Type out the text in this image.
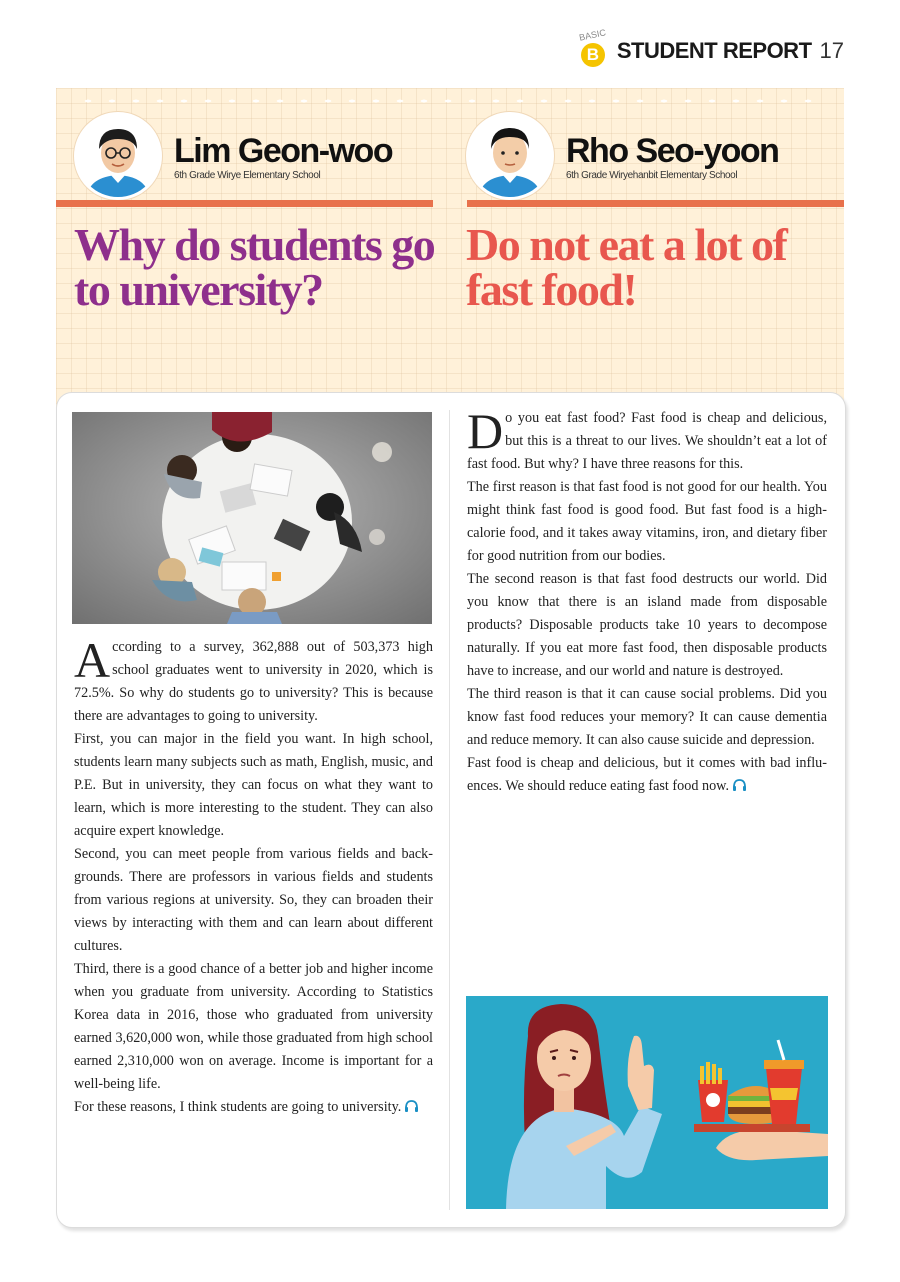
BASIC
B STUDENT REPORT 17
Lim Geon-woo
6th Grade Wirye Elementary School
Rho Seo-yoon
6th Grade Wiryehanbit Elementary School
Why do students go
to university?
Do not eat a lot of
fast food!

According to a survey, 362,888 out of 503,373 high school graduates went to university in 2020, which is 72.5%. So why do students go to university? This is because there are advantages to going to university.

First, you can major in the field you want. In high school, students learn many subjects such as math, English, music, and P.E. But in university, they can focus on what they want to learn, which is more interesting to the student. They can also acquire expert knowledge.

Second, you can meet people from various fields and backgrounds. There are professors in various fields and students from various regions at university. So, they can broaden their views by interacting with them and can learn about different cultures.

Third, there is a good chance of a better job and higher income when you graduate from university. According to Statistics Korea data in 2016, those who graduated from university earned 3,620,000 won, while those graduated from high school earned 2,310,000 won on average. Income is important for a well-being life.

For these reasons, I think students are going to university.

Do you eat fast food? Fast food is cheap and delicious, but this is a threat to our lives. We shouldn’t eat a lot of fast food. But why? I have three reasons for this.

The first reason is that fast food is not good for our health. You might think fast food is good food. But fast food is a high-calorie food, and it takes away vitamins, iron, and dietary fiber for good nutrition from our bodies.

The second reason is that fast food destructs our world. Did you know that there is an island made from disposable products? Disposable products take 10 years to decompose naturally. If you eat more fast food, then disposable products have to increase, and our world and nature is destroyed.

The third reason is that it can cause social problems. Did you know fast food reduces your memory? It can cause dementia and reduce memory. It can also cause suicide and depression.

Fast food is cheap and delicious, but it comes with bad influences. We should reduce eating fast food now.
